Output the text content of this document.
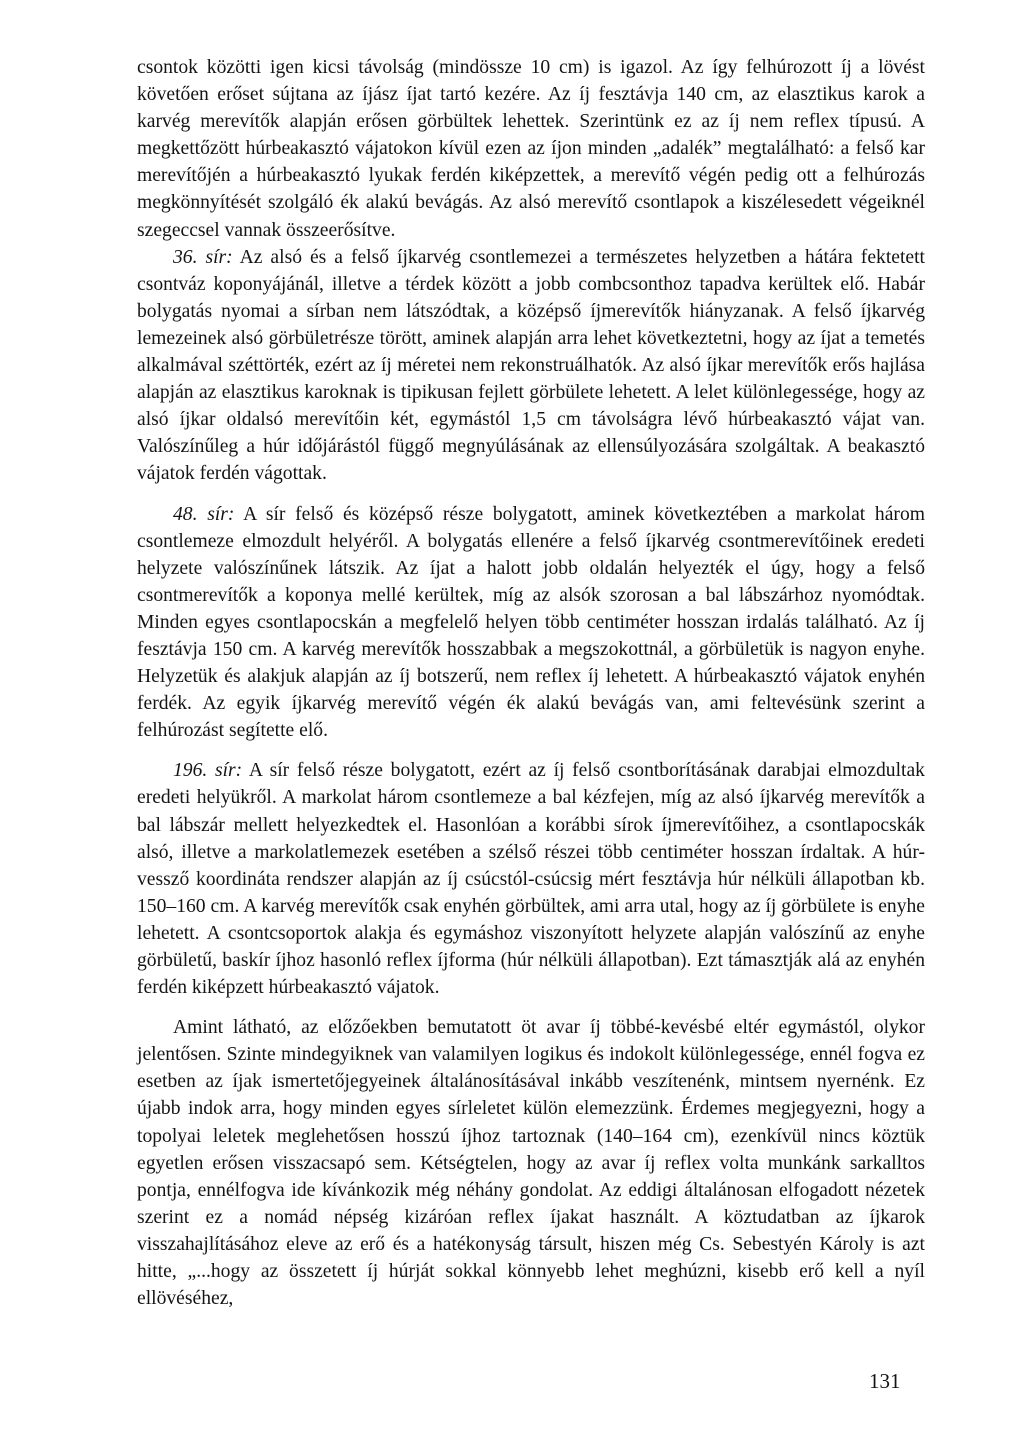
csontok közötti igen kicsi távolság (mindössze 10 cm) is igazol. Az így felhúrozott íj a lövést követően erőset sújtana az íjász íjat tartó kezére. Az íj fesztávja 140 cm, az elasztikus karok a karvég merevítők alapján erősen görbültek lehettek. Szerintünk ez az íj nem reflex típusú. A megkettőzött húrbeakasztó vájatokon kívül ezen az íjon minden „adalék” megtalálható: a felső kar merevítőjén a húrbeakasztó lyukak ferdén kiképzettek, a merevítő végén pedig ott a felhúrozás megkönnyítését szolgáló ék alakú bevágás. Az alsó merevítő csontlapok a kiszélesedett végeiknél szegeccsel vannak összeerősítve.

36. sír: Az alsó és a felső íjkarvég csontlemezei a természetes helyzetben a hátára fektetett csontváz koponyájánál, illetve a térdek között a jobb combcsonthoz tapadva kerültek elő. Habár bolygatás nyomai a sírban nem látszódtak, a középső íjmerevítők hiányzanak. A felső íjkarvég lemezeinek alsó görbületrésze törött, aminek alapján arra lehet következtetni, hogy az íjat a temetés alkalmával széttörték, ezért az íj méretei nem rekonstruálhatók. Az alsó íjkar merevítők erős hajlása alapján az elasztikus karoknak is tipikusan fejlett görbülete lehetett. A lelet különlegessége, hogy az alsó íjkar oldalsó merevítőin két, egymástól 1,5 cm távolságra lévő húrbeakasztó vájat van. Valószínűleg a húr időjárástól függő megnyúlásának az ellensúlyozására szolgáltak. A beakasztó vájatok ferdén vágottak.

48. sír: A sír felső és középső része bolygatott, aminek következtében a markolat három csontlemeze elmozdult helyéről. A bolygatás ellenére a felső íjkarvég csontmerevítőinek eredeti helyzete valószínűnek látszik. Az íjat a halott jobb oldalán helyezték el úgy, hogy a felső csontmerevítők a koponya mellé kerültek, míg az alsók szorosan a bal lábszárhoz nyomódtak. Minden egyes csontlapocskán a megfelelő helyen több centiméter hosszan irdalás található. Az íj fesztávja 150 cm. A karvég merevítők hosszabbak a megszokottnál, a görbületük is nagyon enyhe. Helyzetük és alakjuk alapján az íj botszerű, nem reflex íj lehetett. A húrbeakasztó vájatok enyhén ferdék. Az egyik íjkarvég merevítő végén ék alakú bevágás van, ami feltevésünk szerint a felhúrozást segítette elő.

196. sír: A sír felső része bolygatott, ezért az íj felső csontborításának darabjai elmozdultak eredeti helyükről. A markolat három csontlemeze a bal kézfejen, míg az alsó íjkarvég merevítők a bal lábszár mellett helyezkedtek el. Hasonlóan a korábbi sírok íjmerevítőihez, a csontlapocskák alsó, illetve a markolatlemezek esetében a szélső részei több centiméter hosszan írdaltak. A húr-vessző koordináta rendszer alapján az íj csúcstól-csúcsig mért fesztávja húr nélküli állapotban kb. 150–160 cm. A karvég merevítők csak enyhén görbültek, ami arra utal, hogy az íj görbülete is enyhe lehetett. A csontcsoportok alakja és egymáshoz viszonyított helyzete alapján valószínű az enyhe görbületű, baskír íjhoz hasonló reflex íjforma (húr nélküli állapotban). Ezt támasztják alá az enyhén ferdén kiképzett húrbeakasztó vájatok.

Amint látható, az előzőekben bemutatott öt avar íj többé-kevésbé eltér egymástól, olykor jelentősen. Szinte mindegyiknek van valamilyen logikus és indokolt különlegessége, ennél fogva ez esetben az íjak ismertetőjegyeinek általánosításával inkább veszítenénk, mintsem nyernénk. Ez újabb indok arra, hogy minden egyes sírleletet külön elemezzünk. Érdemes megjegyezni, hogy a topolyai leletek meglehetősen hosszú íjhoz tartoznak (140–164 cm), ezenkívül nincs köztük egyetlen erősen visszacsapó sem. Kétségtelen, hogy az avar íj reflex volta munkánk sarkalltos pontja, ennélfogva ide kívánkozik még néhány gondolat. Az eddigi általánosan elfogadott nézetek szerint ez a nomád népség kizáróan reflex íjakat használt. A köztudatban az íjkarok visszahajlításához eleve az erő és a hatékonyság társult, hiszen még Cs. Sebestyén Károly is azt hitte, „...hogy az összetett íj húrját sokkal könnyebb lehet meghúzni, kisebb erő kell a nyíl ellövéséhez,

131
